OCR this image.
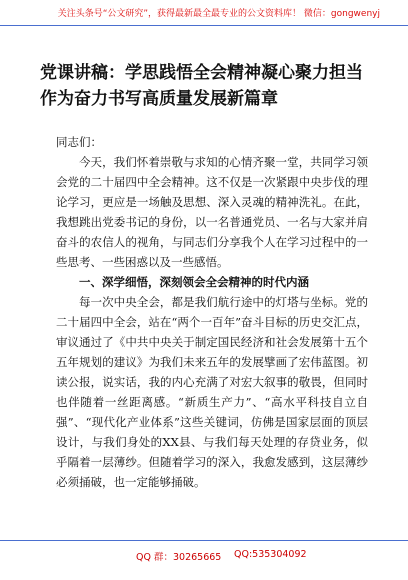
关注头条号“公文研究”，获得最新最全最专业的公文资料库！ 微信：gongwenyj
党课讲稿：学思践悟全会精神凝心聚力担当作为奋力书写高质量发展新篇章

同志们：

今天，我们怀着崇敬与求知的心情齐聚一堂，共同学习领会党的二十届四中全会精神。这不仅是一次紧跟中央步伐的理论学习，更应是一场触及思想、深入灵魂的精神洗礼。在此，我想跳出党委书记的身份，以一名普通党员、一名与大家并肩奋斗的农信人的视角，与同志们分享我个人在学习过程中的一些思考、一些困惑以及一些感悟。

一、深学细悟，深刻领会全会精神的时代内涵

每一次中央全会，都是我们航行途中的灯塔与坐标。党的二十届四中全会，站在“两个一百年”奋斗目标的历史交汇点，审议通过了《中共中央关于制定国民经济和社会发展第十五个五年规划的建议》为我们未来五年的发展擘画了宏伟蓝图。初读公报，说实话，我的内心充满了对宏大叙事的敬畏，但同时也伴随着一丝距离感。“新质生产力”、“高水平科技自立自强”、“现代化产业体系”这些关键词，仿佛是国家层面的顶层设计，与我们身处的XX县、与我们每天处理的存贷业务，似乎隔着一层薄纱。但随着学习的深入，我愈发感到，这层薄纱必须捅破，也一定能够捅破。

QQ 群：30265665 QQ:535304092
